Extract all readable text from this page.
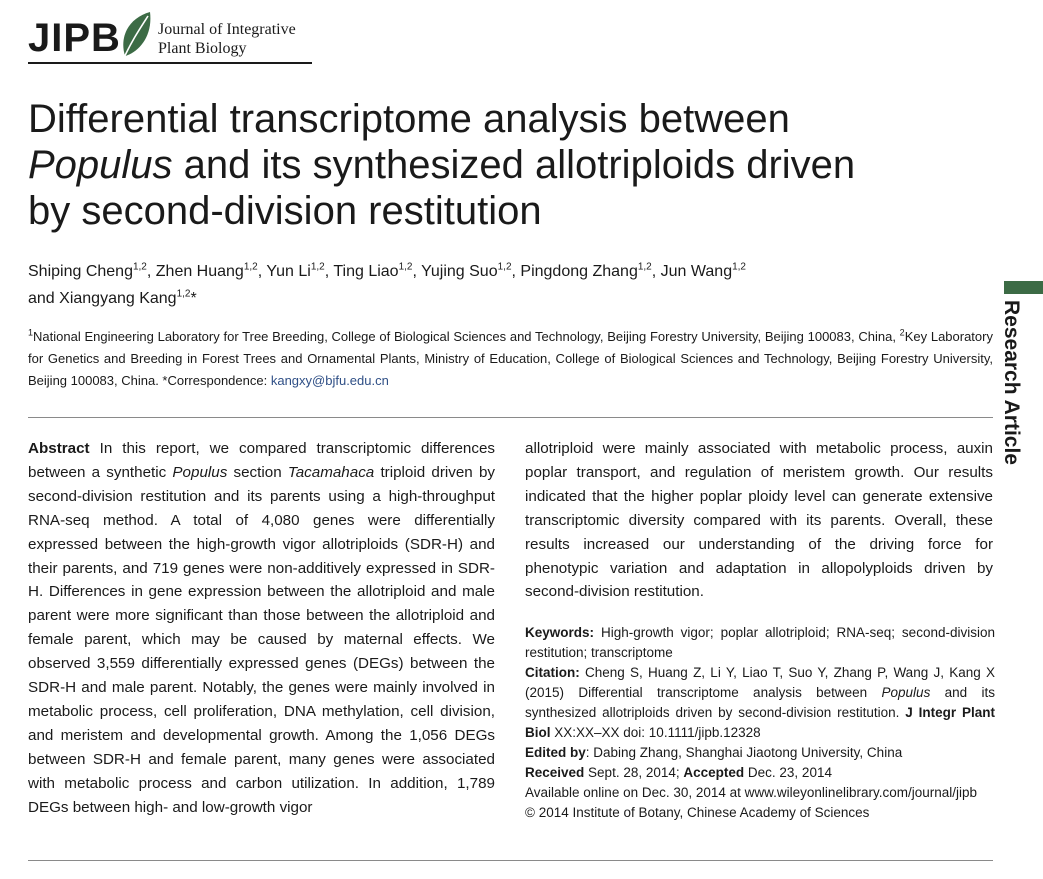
JIPB Journal of Integrative
Plant Biology
Differential transcriptome analysis between
Populus and its synthesized allotriploids driven
by second-division restitution

Shiping Cheng$^{1,2}$, Zhen Huang$^{1,2}$, Yun Li$^{1,2}$, Ting Liao$^{1,2}$, Yujing Suo$^{1,2}$, Pingdong Zhang$^{1,2}$, Jun Wang$^{1,2}$
and Xiangyang Kang$^{1,2}$*

$^1$National Engineering Laboratory for Tree Breeding, College of Biological Sciences and Technology, Beijing Forestry University, Beijing 100083, China, $^2$Key Laboratory for Genetics and Breeding in Forest Trees and Ornamental Plants, Ministry of Education, College of Biological Sciences and Technology, Beijing Forestry University, Beijing 100083, China. *Correspondence: kangxy@bjfu.edu.cn

Abstract In this report, we compared transcriptomic differences between a synthetic Populus section Tacamahaca triploid driven by second-division restitution and its parents using a high-throughput RNA-seq method. A total of 4,080 genes were differentially expressed between the high-growth vigor allotriploids (SDR-H) and their parents, and 719 genes were non-additively expressed in SDR-H. Differences in gene expression between the allotriploid and male parent were more significant than those between the allotriploid and female parent, which may be caused by maternal effects. We observed 3,559 differentially expressed genes (DEGs) between the SDR-H and male parent. Notably, the genes were mainly involved in metabolic process, cell proliferation, DNA methylation, cell division, and meristem and developmental growth. Among the 1,056 DEGs between SDR-H and female parent, many genes were associated with metabolic process and carbon utilization. In addition, 1,789 DEGs between high- and low-growth vigor

allotriploid were mainly associated with metabolic process, auxin poplar transport, and regulation of meristem growth. Our results indicated that the higher poplar ploidy level can generate extensive transcriptomic diversity compared with its parents. Overall, these results increased our understanding of the driving force for phenotypic variation and adaptation in allopolyploids driven by second-division restitution.

Keywords: High-growth vigor; poplar allotriploid; RNA-seq; second-division restitution; transcriptome

Citation: Cheng S, Huang Z, Li Y, Liao T, Suo Y, Zhang P, Wang J, Kang X (2015) Differential transcriptome analysis between Populus and its synthesized allotriploids driven by second-division restitution. J Integr Plant Biol XX:XX–XX doi: 10.1111/jipb.12328

Edited by: Dabing Zhang, Shanghai Jiaotong University, China

Received Sept. 28, 2014; Accepted Dec. 23, 2014

Available online on Dec. 30, 2014 at www.wileyonlinelibrary.com/journal/jipb

© 2014 Institute of Botany, Chinese Academy of Sciences

Research Article
